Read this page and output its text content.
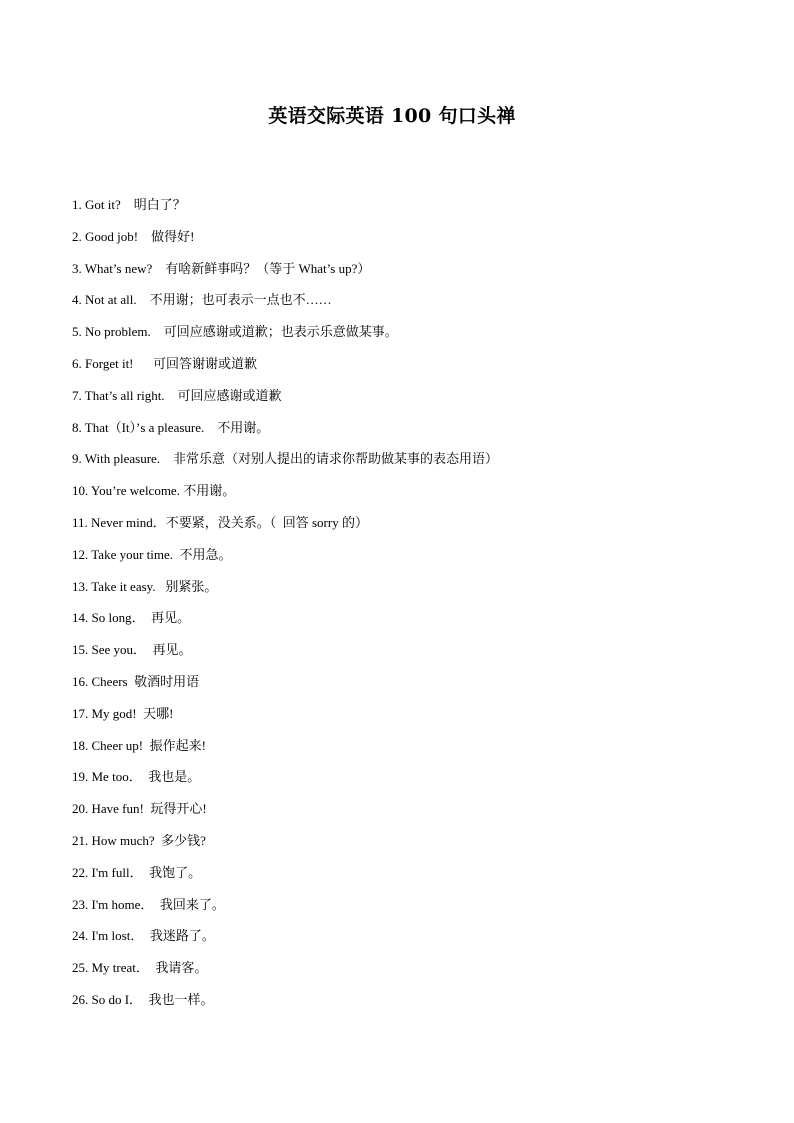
英语交际英语 100 句口头禅
1. Got it?    明白了？
2. Good job!    做得好!
3. What’s new?    有啥新鲜事吗？（等于 What’s up?）
4. Not at all.    不用谢；也可表示一点也不……
5. No problem.    可回应感谢或道歉；也表示乐意做某事。
6. Forget it!      可回答谢谢或道歉
7. That’s all right.    可回应感谢或道歉
8. That（It）’s a pleasure.    不用谢。
9. With pleasure.    非常乐意（对别人提出的请求你帮助做某事的表态用语）
10. You’re welcome. 不用谢。
11. Never mind．不要紧，没关系。（  回答 sorry 的）
12. Take your time.  不用急。
13. Take it easy.   别紧张。
14. So long．  再见。
15. See you．  再见。
16. Cheers  敬酒时用语
17. My god!  天哪!
18. Cheer up!  振作起来!
19. Me too．  我也是。
20. Have fun!  玩得开心!
21. How much?  多少钱?
22. I'm full．  我饱了。
23. I'm home．  我回来了。
24. I'm lost．  我迷路了。
25. My treat．  我请客。
26. So do I．  我也一样。
